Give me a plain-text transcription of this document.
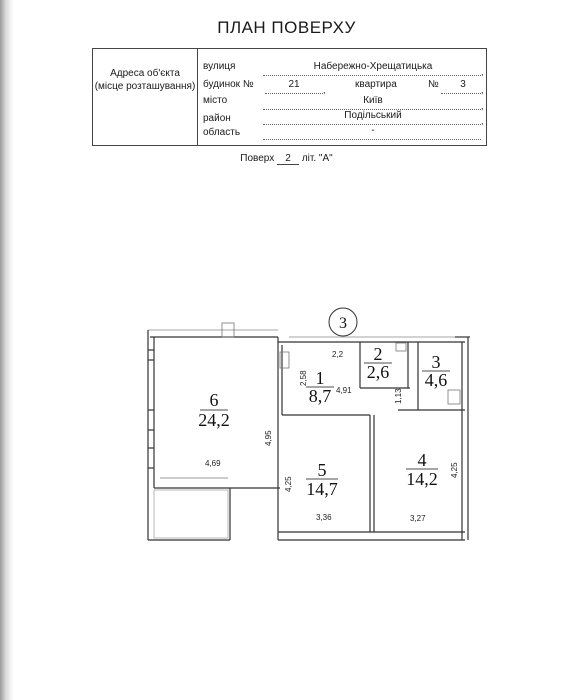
ПЛАН ПОВЕРХУ
Адреса об'єкта
(місце розташування)
вулиця	Набережно-Хрещатицька	,
будинок №	21	,	квартира	№	3	,
місто	Київ	,
район	Подільський	,
область	-
Поверх 2 літ. "А"
3
6
24,2
1
8,7
2
2,6 3
4,6
5
14,7
4
14,2
2,2
2,58
4,91	1,13
4,95
4,69
4,25
4,25
3,36	3,27
